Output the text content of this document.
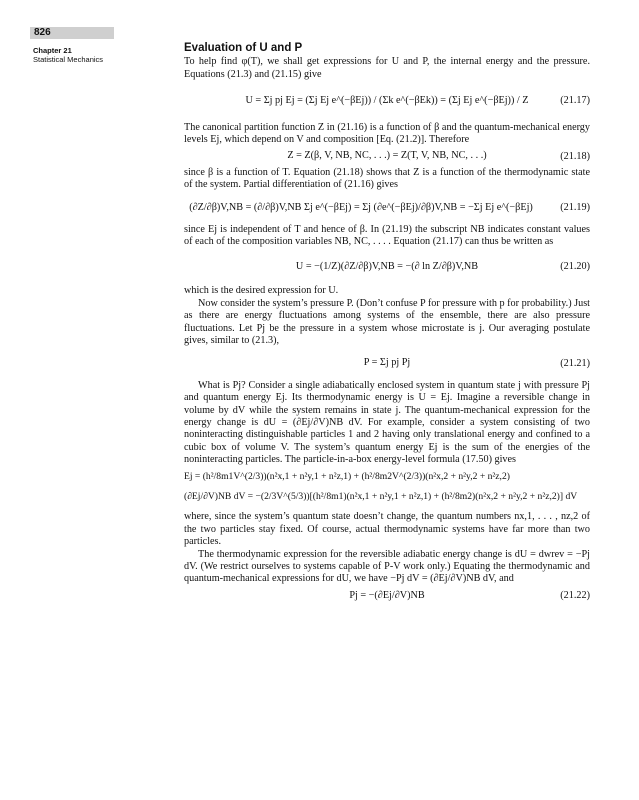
826
Chapter 21
Statistical Mechanics
Evaluation of U and P

To help find φ(T), we shall get expressions for U and P, the internal energy and the pressure. Equations (21.3) and (21.15) give

U = Σj pj Ej = (Σj Ej e^(−βEj)) / (Σk e^(−βEk)) = (Σj Ej e^(−βEj)) / Z	(21.17)

The canonical partition function Z in (21.16) is a function of β and the quantum-mechanical energy levels Ej, which depend on V and composition [Eq. (21.2)]. Therefore

Z = Z(β, V, NB, NC, . . .) = Z(T, V, NB, NC, . . .)	(21.18)

since β is a function of T. Equation (21.18) shows that Z is a function of the thermodynamic state of the system. Partial differentiation of (21.16) gives

(∂Z/∂β)V,NB = (∂/∂β)V,NB Σj e^(−βEj) = Σj (∂e^(−βEj)/∂β)V,NB = −Σj Ej e^(−βEj)	(21.19)

since Ej is independent of T and hence of β. In (21.19) the subscript NB indicates constant values of each of the composition variables NB, NC, . . . . Equation (21.17) can thus be written as

U = −(1/Z)(∂Z/∂β)V,NB = −(∂ ln Z/∂β)V,NB	(21.20)

which is the desired expression for U.

Now consider the system’s pressure P. (Don’t confuse P for pressure with p for probability.) Just as there are energy fluctuations among systems of the ensemble, there are also pressure fluctuations. Let Pj be the pressure in a system whose microstate is j. Our averaging postulate gives, similar to (21.3),

P = Σj pj Pj	(21.21)

What is Pj? Consider a single adiabatically enclosed system in quantum state j with pressure Pj and quantum energy Ej. Its thermodynamic energy is U = Ej. Imagine a reversible change in volume by dV while the system remains in state j. The quantum-mechanical expression for the energy change is dU = (∂Ej/∂V)NB dV. For example, consider a system consisting of two noninteracting distinguishable particles 1 and 2 having only translational energy and confined to a cubic box of volume V. The system’s quantum energy Ej is the sum of the energies of the noninteracting particles. The particle-in-a-box energy-level formula (17.50) gives

Ej = (h²/8m1V^(2/3))(n²x,1 + n²y,1 + n²z,1) + (h²/8m2V^(2/3))(n²x,2 + n²y,2 + n²z,2)
(∂Ej/∂V)NB dV = −(2/3V^(5/3))[(h²/8m1)(n²x,1 + n²y,1 + n²z,1) + (h²/8m2)(n²x,2 + n²y,2 + n²z,2)] dV

where, since the system’s quantum state doesn’t change, the quantum numbers nx,1, . . . , nz,2 of the two particles stay fixed. Of course, actual thermodynamic systems have far more than two particles.

The thermodynamic expression for the reversible adiabatic energy change is dU = dwrev = −Pj dV. (We restrict ourselves to systems capable of P-V work only.) Equating the thermodynamic and quantum-mechanical expressions for dU, we have −Pj dV = (∂Ej/∂V)NB dV, and

Pj = −(∂Ej/∂V)NB	(21.22)
